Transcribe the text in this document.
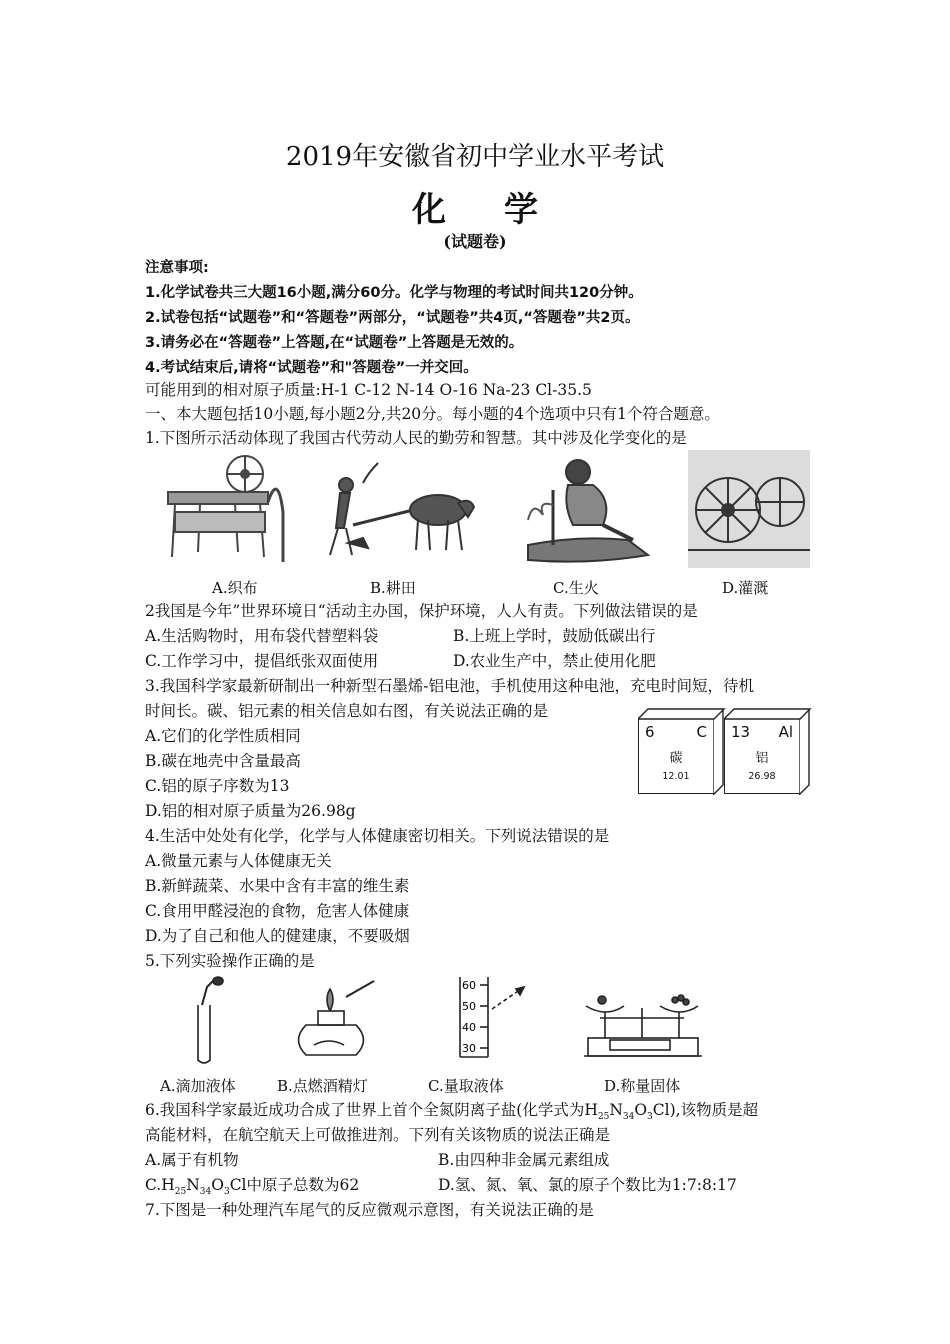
2019年安徽省初中学业水平考试
化学
(试题卷)
注意事项:
1.化学试卷共三大题16小题,满分60分。化学与物理的考试时间共120分钟。
2.试卷包括“试题卷”和“答题卷”两部分，“试题卷”共4页,“答题卷”共2页。
3.请务必在“答题卷”上答题,在“试题卷”上答题是无效的。
4.考试结束后,请将“试题卷”和"答题卷”一并交回。
可能用到的相对原子质量:H-1 C-12 N-14 O-16 Na-23 Cl-35.5
一、本大题包括10小题,每小题2分,共20分。每小题的4个选项中只有1个符合题意。
1.下图所示活动体现了我国古代劳动人民的勤劳和智慧。其中涉及化学变化的是
A.织布	B.耕田	C.生火	D.灌溉
2我国是今年”世界环境日“活动主办国，保护环境，人人有责。下列做法错误的是
A.生活购物时，用布袋代替塑料袋	B.上班上学时，鼓励低碳出行
C.工作学习中，提倡纸张双面使用	D.农业生产中，禁止使用化肥
3.我国科学家最新研制出一种新型石墨烯-铝电池，手机使用这种电池，充电时间短，待机
时间长。碳、铝元素的相关信息如右图，有关说法正确的是
A.它们的化学性质相同
B.碳在地壳中含量最高
C.铝的原子序数为13
D.铝的相对原子质量为26.98g
6	C
碳
12.01
13 Al
铝
26.98
4.生活中处处有化学，化学与人体健康密切相关。下列说法错误的是
A.微量元素与人体健康无关
B.新鲜蔬菜、水果中含有丰富的维生素
C.食用甲醛浸泡的食物，危害人体健康
D.为了自己和他人的健建康，不要吸烟
5.下列实验操作正确的是
60
50
40
30
A.滴加液体	B.点燃酒精灯	C.量取液体	D.称量固体
6.我国科学家最近成功合成了世界上首个全氮阴离子盐(化学式为$H_{25}N_{34}O_3Cl$),该物质是超
高能材料，在航空航天上可做推进剂。下列有关该物质的说法正确是
A.属于有机物	B.由四种非金属元素组成
$C.H_{25}N_{34}O_3Cl$中原子总数为62	D.氢、氮、氧、氯的原子个数比为1:7:8:17
7.下图是一种处理汽车尾气的反应微观示意图，有关说法正确的是
